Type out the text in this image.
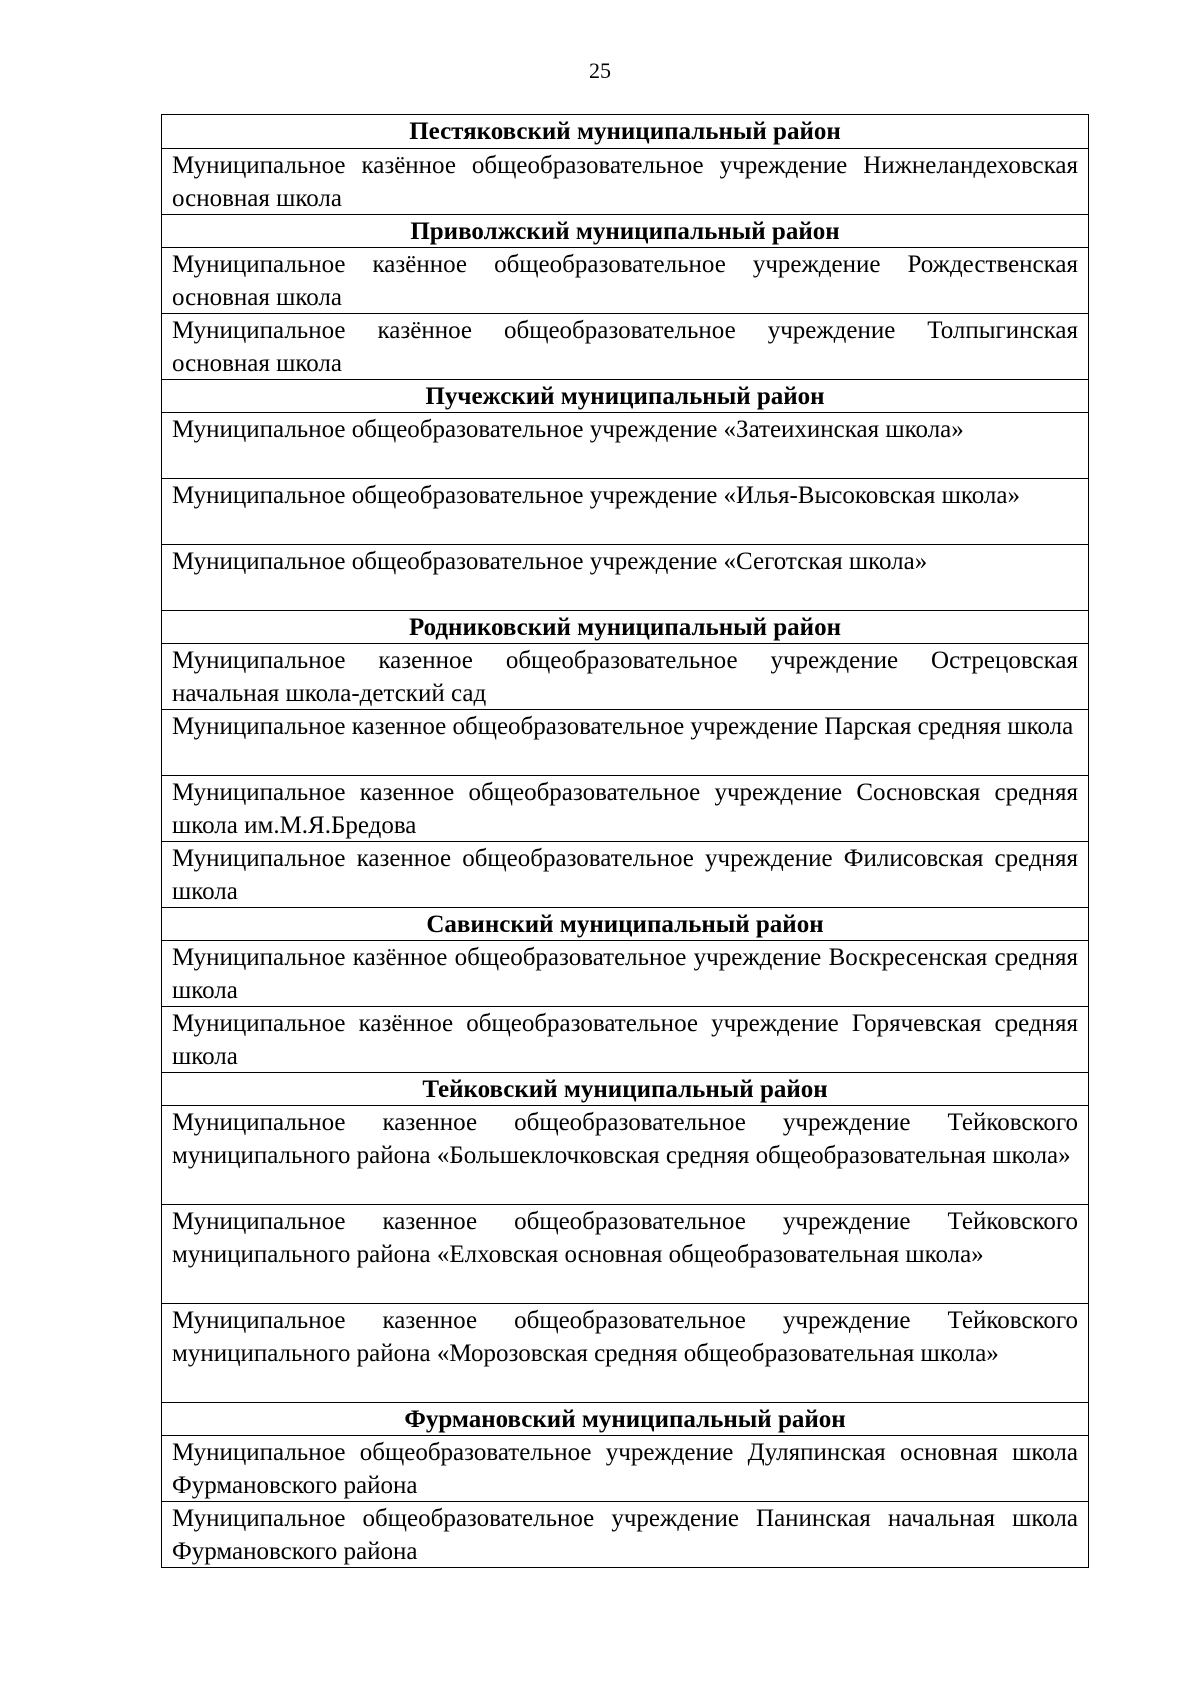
25
Пестяковский муниципальный район
Муниципальное казённое общеобразовательное учреждение Нижнеландеховская основная школа
Приволжский муниципальный район
Муниципальное казённое общеобразовательное учреждение Рождественская основная школа
Муниципальное казённое общеобразовательное учреждение Толпыгинская основная школа
Пучежский муниципальный район
Муниципальное общеобразовательное учреждение «Затеихинская школа»
Муниципальное общеобразовательное учреждение «Илья-Высоковская школа»
Муниципальное общеобразовательное учреждение «Сеготская школа»
Родниковский муниципальный район
Муниципальное казенное общеобразовательное учреждение Острецовская начальная школа-детский сад
Муниципальное казенное общеобразовательное учреждение Парская средняя школа
Муниципальное казенное общеобразовательное учреждение Сосновская средняя школа им.М.Я.Бредова
Муниципальное казенное общеобразовательное учреждение Филисовская средняя школа
Савинский муниципальный район
Муниципальное казённое общеобразовательное учреждение Воскресенская средняя школа
Муниципальное казённое общеобразовательное учреждение Горячевская средняя школа
Тейковский муниципальный район
Муниципальное казенное общеобразовательное учреждение Тейковского муниципального района «Большеклочковская средняя общеобразовательная школа»
Муниципальное казенное общеобразовательное учреждение Тейковского муниципального района «Елховская основная общеобразовательная школа»
Муниципальное казенное общеобразовательное учреждение Тейковского муниципального района «Морозовская средняя общеобразовательная школа»
Фурмановский муниципальный район
Муниципальное общеобразовательное учреждение Дуляпинская основная школа Фурмановского района
Муниципальное общеобразовательное учреждение Панинская начальная школа Фурмановского района
